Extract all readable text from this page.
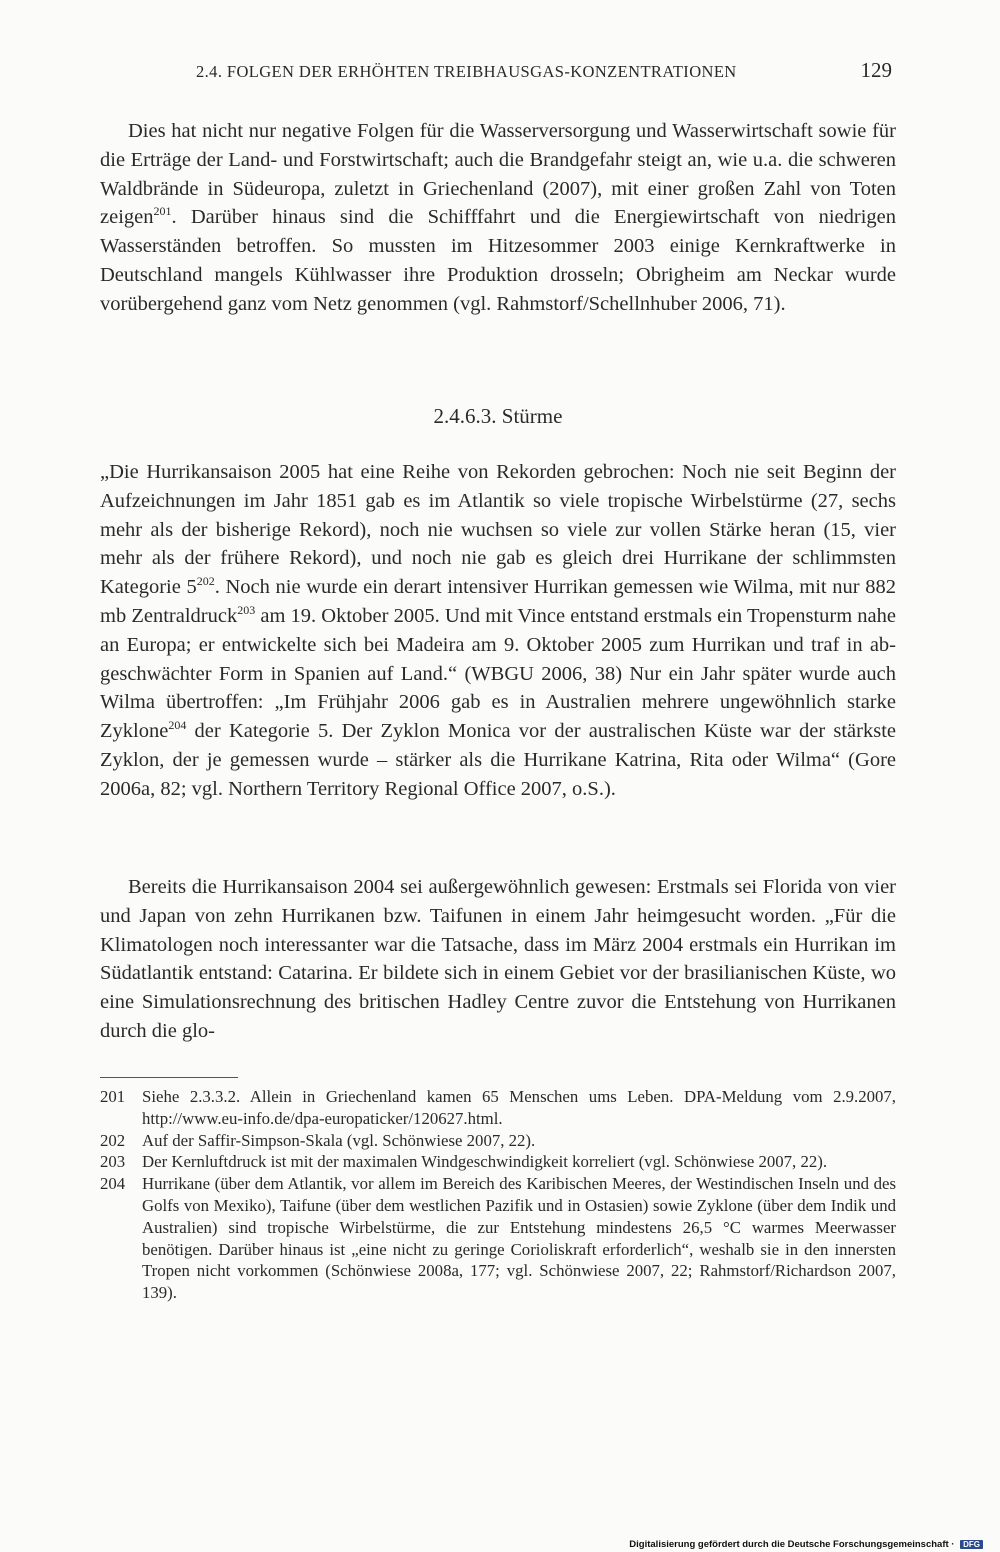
2.4. FOLGEN DER ERHÖHTEN TREIBHAUSGAS-KONZENTRATIONEN	129

Dies hat nicht nur negative Folgen für die Wasserversorgung und Wasserwirtschaft sowie für die Erträge der Land- und Forstwirtschaft; auch die Brandgefahr steigt an, wie u.a. die schweren Waldbrände in Südeuropa, zuletzt in Griechenland (2007), mit einer großen Zahl von Toten zeigen$^{201}$. Darüber hinaus sind die Schifffahrt und die Energiewirtschaft von niedrigen Wasserständen betroffen. So mussten im Hitzesommer 2003 einige Kernkraftwerke in Deutschland mangels Kühlwasser ihre Produktion drosseln; Obrigheim am Neckar wurde vorübergehend ganz vom Netz genommen (vgl. Rahmstorf/Schellnhuber 2006, 71).

2.4.6.3. Stürme

„Die Hurrikansaison 2005 hat eine Reihe von Rekorden gebrochen: Noch nie seit Beginn der Aufzeichnungen im Jahr 1851 gab es im Atlantik so viele tropische Wirbelstürme (27, sechs mehr als der bisherige Rekord), noch nie wuchsen so viele zur vollen Stärke heran (15, vier mehr als der frühere Rekord), und noch nie gab es gleich drei Hurrikane der schlimmsten Kategorie $5^{202}$. Noch nie wurde ein derart intensiver Hurrikan gemessen wie Wilma, mit nur 882 mb Zentraldruck$^{203}$ am 19. Oktober 2005. Und mit Vince entstand erstmals ein Tropensturm nahe an Europa; er entwickelte sich bei Madeira am 9. Oktober 2005 zum Hurrikan und traf in abgeschwächter Form in Spanien auf Land.“ (WBGU 2006, 38) Nur ein Jahr später wurde auch Wilma übertroffen: „Im Frühjahr 2006 gab es in Australien mehrere ungewöhnlich starke Zyklone$^{204}$ der Kategorie 5. Der Zyklon Monica vor der australischen Küste war der stärkste Zyklon, der je gemessen wurde – stärker als die Hurrikane Katrina, Rita oder Wilma“ (Gore 2006a, 82; vgl. Northern Territory Regional Office 2007, o.S.).

Bereits die Hurrikansaison 2004 sei außergewöhnlich gewesen: Erstmals sei Florida von vier und Japan von zehn Hurrikanen bzw. Taifunen in einem Jahr heimgesucht worden. „Für die Klimatologen noch interessanter war die Tatsache, dass im März 2004 erstmals ein Hurrikan im Südatlantik entstand: Catarina. Er bildete sich in einem Gebiet vor der brasilianischen Küste, wo eine Simulationsrechnung des britischen Hadley Centre zuvor die Entstehung von Hurrikanen durch die glo-

201	Siehe 2.3.3.2. Allein in Griechenland kamen 65 Menschen ums Leben. DPA-Meldung vom 2.9.2007, http://www.eu-info.de/dpa-europaticker/120627.html.
202	Auf der Saffir-Simpson-Skala (vgl. Schönwiese 2007, 22).
203	Der Kernluftdruck ist mit der maximalen Windgeschwindigkeit korreliert (vgl. Schönwiese 2007, 22).
204	Hurrikane (über dem Atlantik, vor allem im Bereich des Karibischen Meeres, der Westindischen Inseln und des Golfs von Mexiko), Taifune (über dem westlichen Pazifik und in Ostasien) sowie Zyklone (über dem Indik und Australien) sind tropische Wirbelstürme, die zur Entstehung mindestens 26,5 °C warmes Meerwasser benötigen. Darüber hinaus ist „eine nicht zu geringe Corioliskraft erforderlich“, weshalb sie in den innersten Tropen nicht vorkommen (Schönwiese 2008a, 177; vgl. Schönwiese 2007, 22; Rahmstorf/Richardson 2007, 139).
Digitalisierung gefördert durch die Deutsche Forschungsgemeinschaft · DFG
